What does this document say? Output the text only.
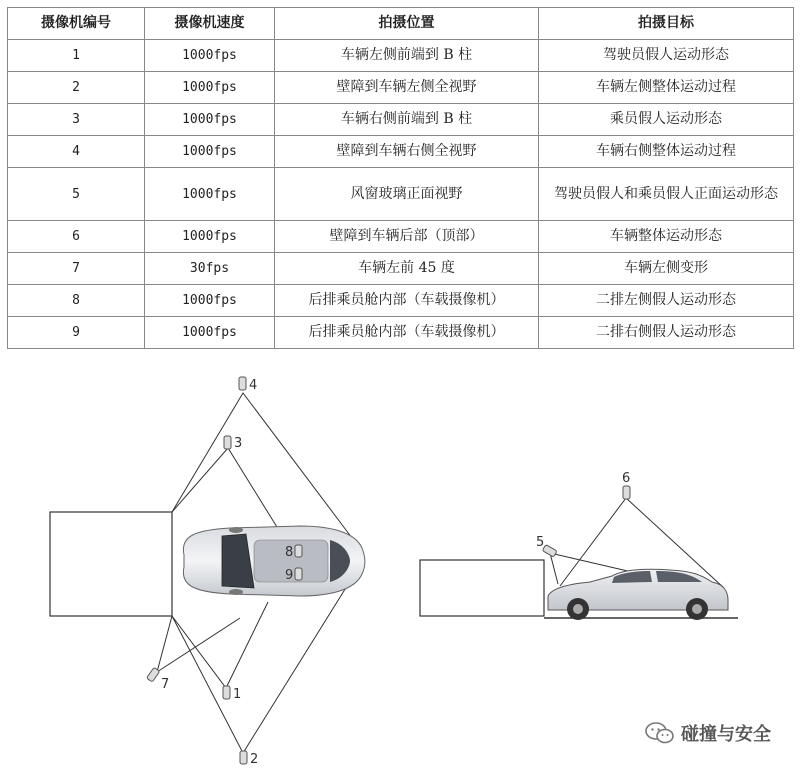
摄像机编号	摄像机速度	拍摄位置	拍摄目标
1	1000fps	车辆左侧前端到 B 柱	驾驶员假人运动形态
2	1000fps	壁障到车辆左侧全视野	车辆左侧整体运动过程
3	1000fps	车辆右侧前端到 B 柱	乘员假人运动形态
4	1000fps	壁障到车辆右侧全视野	车辆右侧整体运动过程
5	1000fps	风窗玻璃正面视野	驾驶员假人和乘员假人正面运动形态
6	1000fps	壁障到车辆后部（顶部）	车辆整体运动形态
7	30fps	车辆左前 45 度	车辆左侧变形
8	1000fps	后排乘员舱内部（车载摄像机）	二排左侧假人运动形态
9	1000fps	后排乘员舱内部（车载摄像机）	二排右侧假人运动形态
4
3
8
9
7
1
2
6
5
碰撞与安全
